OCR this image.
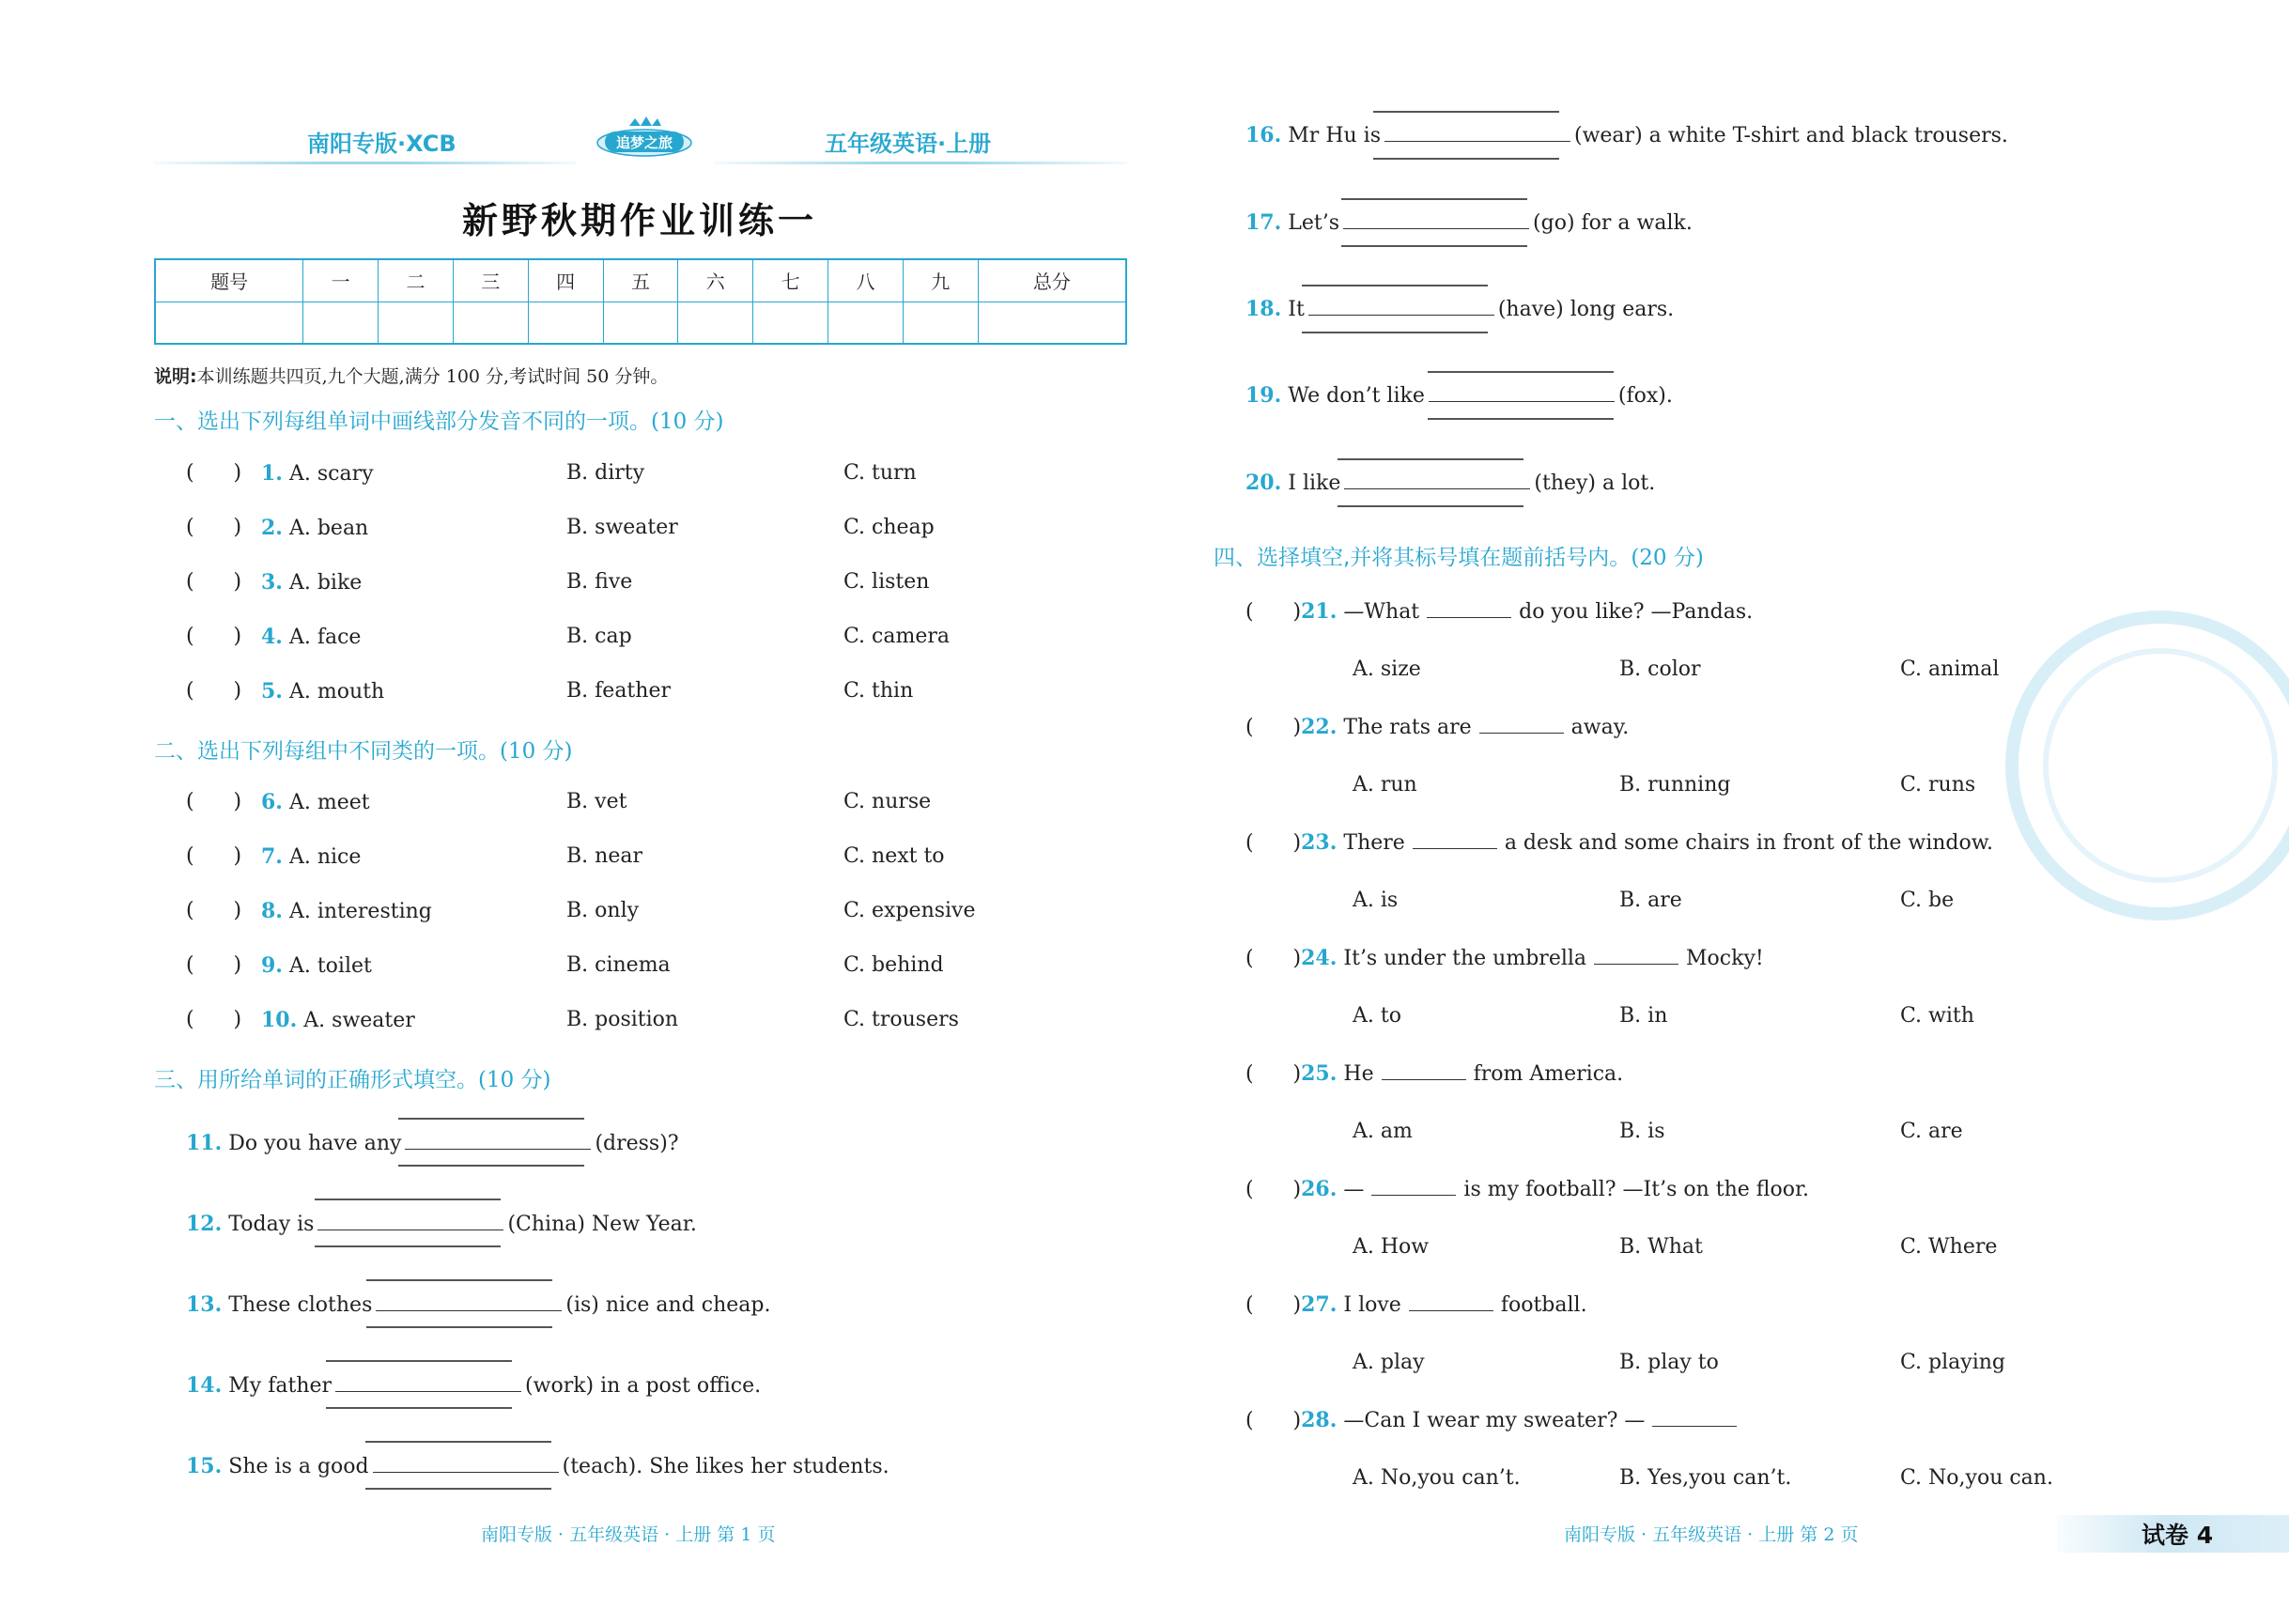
南阳专版·XCB	追梦之旅	五年级英语·上册
新野秋期作业训练一
题号	一	二	三	四	五	六	七	八	九	总分

说明:本训练题共四页,九个大题,满分 100 分,考试时间 50 分钟。
一、选出下列每组单词中画线部分发音不同的一项。(10 分)
(      ) 1. A. scary	B. dirty	C. turn
(      ) 2. A. bean	B. sweater	C. cheap
(      ) 3. A. bike	B. five	C. listen
(      ) 4. A. face	B. cap	C. camera
(      ) 5. A. mouth	B. feather	C. thin
二、选出下列每组中不同类的一项。(10 分)
(      ) 6. A. meet	B. vet	C. nurse
(      ) 7. A. nice	B. near	C. next to
(      ) 8. A. interesting	B. only	C. expensive
(      ) 9. A. toilet	B. cinema	C. behind
(      ) 10. A. sweater	B. position	C. trousers
三、用所给单词的正确形式填空。(10 分)
11. Do you have any	(dress)?
12. Today is	(China) New Year.
13. These clothes	(is) nice and cheap.
14. My father	(work) in a post office.
15. She is a good	(teach). She likes her students.
16. Mr Hu is	(wear) a white T-shirt and black trousers.
17. Let’s	(go) for a walk.
18. It	(have) long ears.
19. We don’t like	(fox).
20. I like	(they) a lot.
四、选择填空,并将其标号填在题前括号内。(20 分)
(      )21. —What	do you like? —Pandas.
A. size	B. color	C. animal
(      )22. The rats are	away.
A. run	B. running	C. runs
(      )23. There	a desk and some chairs in front of the window.
A. is	B. are	C. be
(      )24. It’s under the umbrella	Mocky!
A. to	B. in	C. with
(      )25. He	from America.
A. am	B. is	C. are
(      )26. —	is my football? —It’s on the floor.
A. How	B. What	C. Where
(      )27. I love	football.
A. play	B. play to	C. playing
(      )28. —Can I wear my sweater? —
A. No,you can’t.	B. Yes,you can’t.	C. No,you can.
南阳专版 · 五年级英语 · 上册 第 1 页	南阳专版 · 五年级英语 · 上册 第 2 页	试卷 4
